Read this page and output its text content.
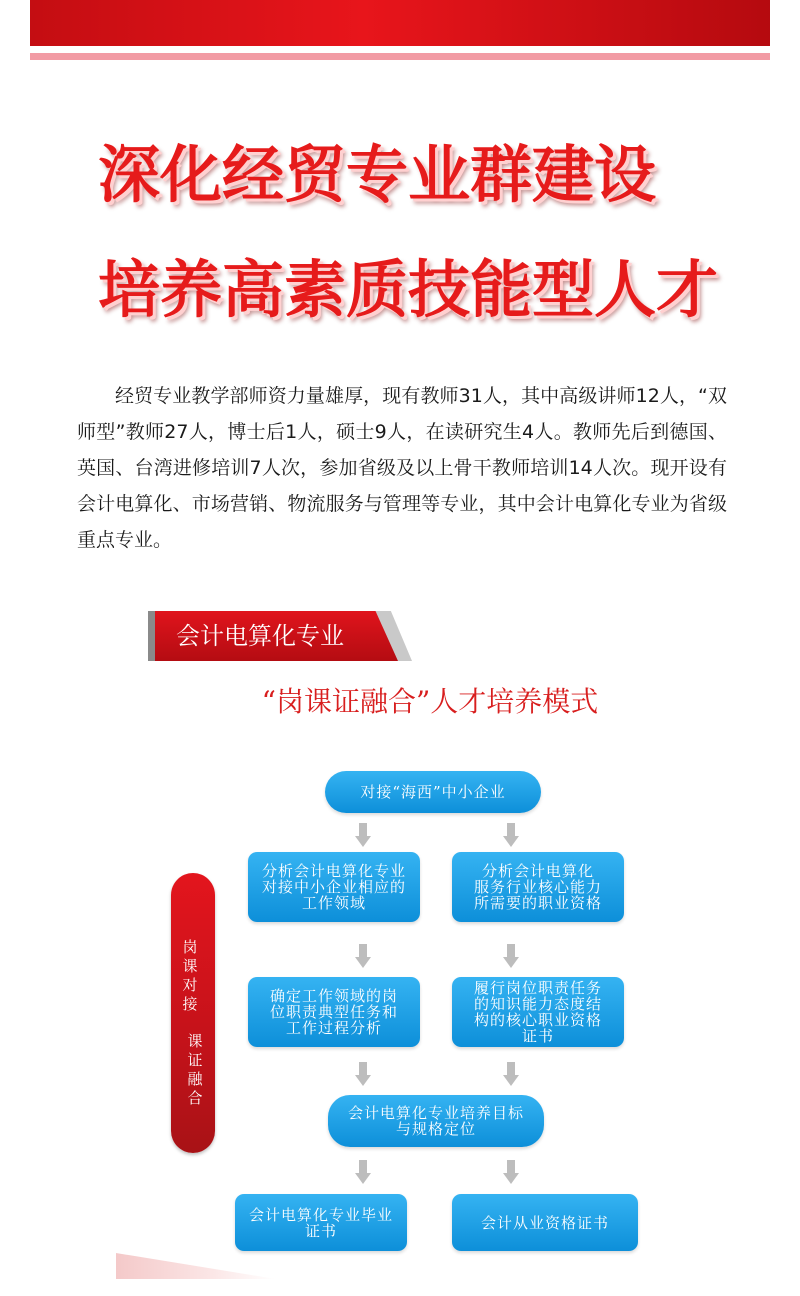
深化经贸专业群建设
培养高素质技能型人才

经贸专业教学部师资力量雄厚，现有教师31人，其中高级讲师12人，“双师型”教师27人，博士后1人，硕士9人，在读研究生4人。教师先后到德国、英国、台湾进修培训7人次，参加省级及以上骨干教师培训14人次。现开设有会计电算化、市场营销、物流服务与管理等专业，其中会计电算化专业为省级重点专业。

会计电算化专业
“岗课证融合”人才培养模式
岗课对接
课证融合
对接“海西”中小企业
分析会计电算化专业
对接中小企业相应的工作领域
分析会计电算化
服务行业核心能力
所需要的职业资格
确定工作领域的岗
位职责典型任务和
工作过程分析
履行岗位职责任务
的知识能力态度结
构的核心职业资格
证书
会计电算化专业培养目标
与规格定位
会计电算化专业毕业证书	会计从业资格证书
